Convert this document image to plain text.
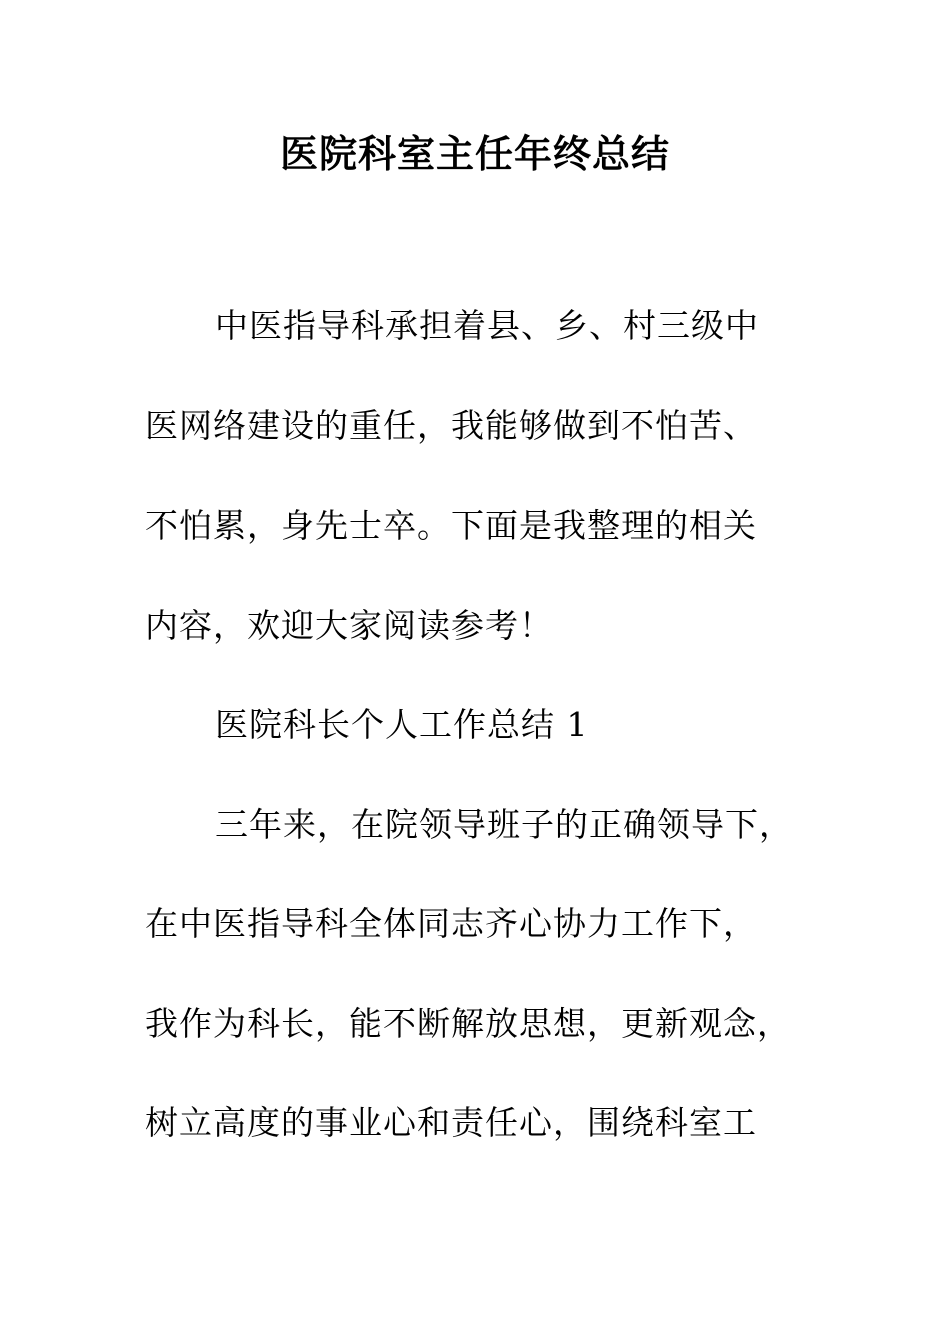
医院科室主任年终总结
中医指导科承担着县、乡、村三级中
医网络建设的重任，我能够做到不怕苦、
不怕累，身先士卒。下面是我整理的相关
内容，欢迎大家阅读参考！
医院科长个人工作总结 1
三年来，在院领导班子的正确领导下，
在中医指导科全体同志齐心协力工作下，
我作为科长，能不断解放思想，更新观念，
树立高度的事业心和责任心，围绕科室工
